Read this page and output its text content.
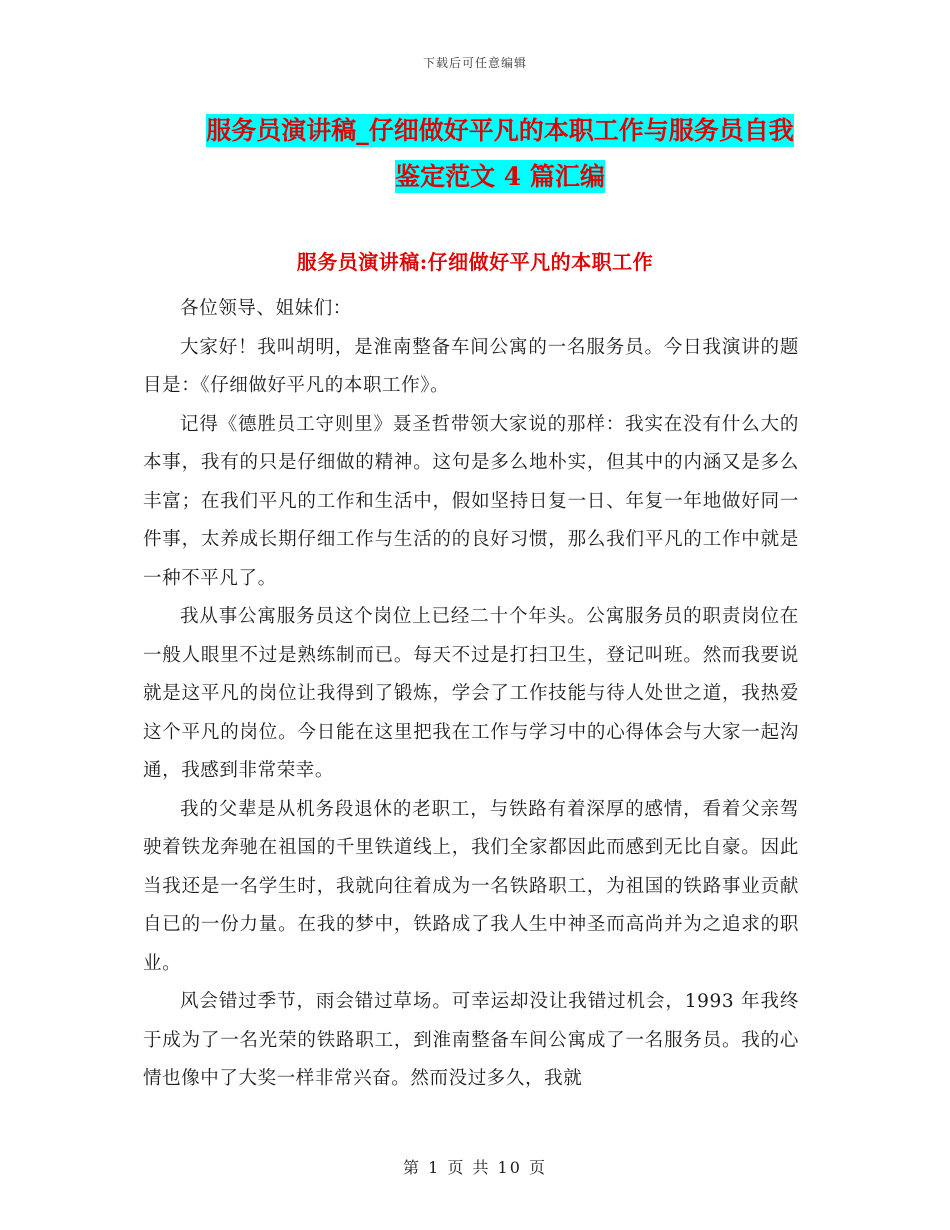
下载后可任意编辑
服务员演讲稿_仔细做好平凡的本职工作与服务员自我
鉴定范文 4 篇汇编
服务员演讲稿:仔细做好平凡的本职工作

各位领导、姐妹们：

大家好！我叫胡明，是淮南整备车间公寓的一名服务员。今日我演讲的题目是：《仔细做好平凡的本职工作》。

记得《德胜员工守则里》聂圣哲带领大家说的那样：我实在没有什么大的本事，我有的只是仔细做的精神。这句是多么地朴实，但其中的内涵又是多么丰富；在我们平凡的工作和生活中，假如坚持日复一日、年复一年地做好同一件事，太养成长期仔细工作与生活的的良好习惯，那么我们平凡的工作中就是一种不平凡了。

我从事公寓服务员这个岗位上已经二十个年头。公寓服务员的职责岗位在一般人眼里不过是熟练制而已。每天不过是打扫卫生，登记叫班。然而我要说就是这平凡的岗位让我得到了锻炼，学会了工作技能与待人处世之道，我热爱这个平凡的岗位。今日能在这里把我在工作与学习中的心得体会与大家一起沟通，我感到非常荣幸。

我的父辈是从机务段退休的老职工，与铁路有着深厚的感情，看着父亲驾驶着铁龙奔驰在祖国的千里铁道线上，我们全家都因此而感到无比自豪。因此当我还是一名学生时，我就向往着成为一名铁路职工，为祖国的铁路事业贡献自已的一份力量。在我的梦中，铁路成了我人生中神圣而高尚并为之追求的职业。

风会错过季节，雨会错过草场。可幸运却没让我错过机会，1993 年我终于成为了一名光荣的铁路职工，到淮南整备车间公寓成了一名服务员。我的心情也像中了大奖一样非常兴奋。然而没过多久，我就

第 1 页 共 10 页
